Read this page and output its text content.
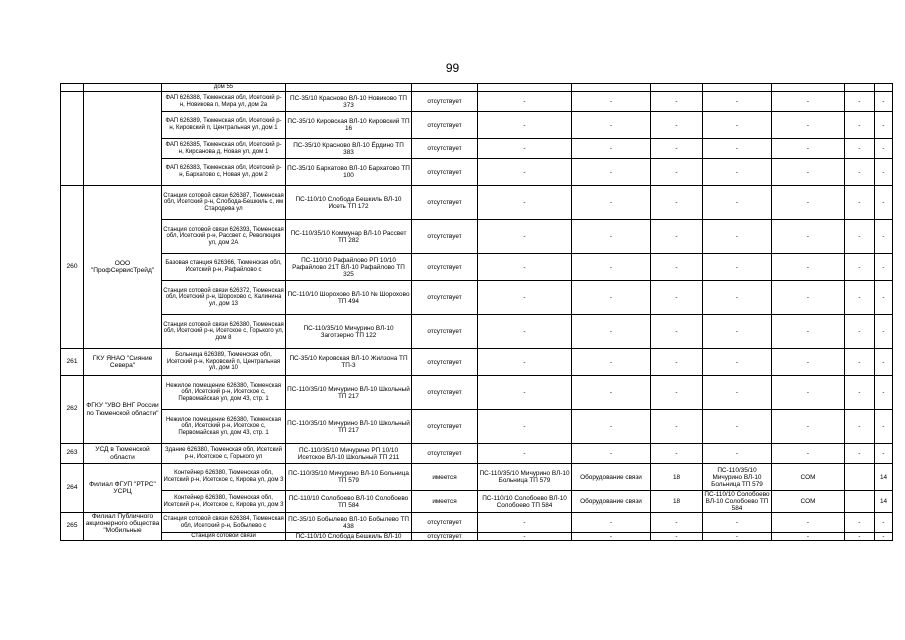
99
		дом 55									
		ФАП 626388, Тюменская обл, Исетский р-н, Новикова п, Мира ул, дом 2а	ПС-35/10 Красново ВЛ-10 Новиково ТП 373	отсутствует	-	-	-	-	-	-	-
		ФАП 626389, Тюменская обл, Исетский р-н, Кировский п, Центральная ул, дом 1	ПС-35/10 Кировская ВЛ-10 Кировский ТП 16	отсутствует	-	-	-	-	-	-	-
		ФАП 626385, Тюменская обл, Исетский р-н, Кирсанова д, Новая ул, дом 1	ПС-35/10 Красново ВЛ-10 Ёрдино ТП 383	отсутствует	-	-	-	-	-	-	-
		ФАП 626383, Тюменская обл, Исетский р-н, Бархатово с, Новая ул, дом 2	ПС-35/10 Бархатово ВЛ-10 Бархатово ТП 100	отсутствует	-	-	-	-	-	-	-
260	ООО "ПрофСервисТрейд"	Станция сотовой связи 626387, Тюменская обл, Исетский р-н, Слобода-Бешкиль с, им Стародева ул	ПС-110/10 Слобода Бешкиль ВЛ-10 Исеть ТП 172	отсутствует	-	-	-	-	-	-	-
		Станция сотовой связи 626393, Тюменская обл, Исетский р-н, Рассвет с, Революция ул, дом 2А	ПС-110/35/10 Коммунар ВЛ-10 Рассвет ТП 282	отсутствует	-	-	-	-	-	-	-
		Базовая станция 626366, Тюменская обл, Исетский р-н, Рафайлово с	ПС-110/10 Рафайлово РП 10/10 Рафайлово 21Т ВЛ-10 Рафайлово ТП 325	отсутствует	-	-	-	-	-	-	-
		Станция сотовой связи 626372, Тюменская обл, Исетский р-н, Шорохово с, Калинина ул, дом 13	ПС-110/10 Шорохово ВЛ-10 № Шорохово ТП 494	отсутствует	-	-	-	-	-	-	-
		Станция сотовой связи 626380, Тюменская обл, Исетский р-н, Исетское с, Горького ул, дом 8	ПС-110/35/10 Мичурино ВЛ-10 Заготзерно ТП 122	отсутствует	-	-	-	-	-	-	-
261	ГКУ ЯНАО "Сияние Севера"	Больница 626389, Тюменская обл, Исетский р-н, Кировский п, Центральная ул, дом 10	ПС-35/10 Кировская ВЛ-10 Жилзона ТП ТП-3	отсутствует	-	-	-	-	-	-	-
262	ФГКУ "УВО ВНГ России по Тюменской области"	Нежилое помещение 626380, Тюменская обл, Исетский р-н, Исетское с, Первомайская ул, дом 43, стр. 1	ПС-110/35/10 Мичурино ВЛ-10 Школьный ТП 217	отсутствует	-	-	-	-	-	-	-
		Нежилое помещение 626380, Тюменская обл, Исетский р-н, Исетское с, Первомайская ул, дом 43, стр. 1	ПС-110/35/10 Мичурино ВЛ-10 Школьный ТП 217	отсутствует	-	-	-	-	-	-	-
263	УСД в Тюменской области	Здание 626380, Тюменская обл, Исетский р-н, Исетское с, Горького ул	ПС-110/35/10 Мичурино РП 10/10 Исетское ВЛ-10 Школьный ТП 211	отсутствует	-	-	-	-	-	-	-
264	Филиал ФГУП "РТРС" УСРЦ	Контейнер 626380, Тюменская обл, Исетский р-н, Исетское с, Кирова ул, дом 3	ПС-110/35/10 Мичурино ВЛ-10 Больница ТП 579	имеется	ПС-110/35/10 Мичурино ВЛ-10 Больница ТП 579	Оборудование связи	18	ПС-110/35/10 Мичурино ВЛ-10 Больница ТП 579	COM		14
		Контейнер 626380, Тюменская обл, Исетский р-н, Исетское с, Кирова ул, дом 3	ПС-110/10 Солобоево ВЛ-10 Солобоево ТП 584	имеется	ПС-110/10 Солобоево ВЛ-10 Солобоево ТП 584	Оборудование связи	18	ПС-110/10 Солобоево ВЛ-10 Солобоево ТП 584	COM		14
265	Филиал Публичного акционерного общества "Мобильные	Станция сотовой связи 626384, Тюменская обл, Исетский р-н, Бобылево с	ПС-35/10 Бобылево ВЛ-10 Бобылево ТП 438	отсутствует	-	-	-	-	-	-	-
		Станция сотовой связи	ПС-110/10 Слобода Бешкиль ВЛ-10	отсутствует	-	-	-	-	-	-	-
